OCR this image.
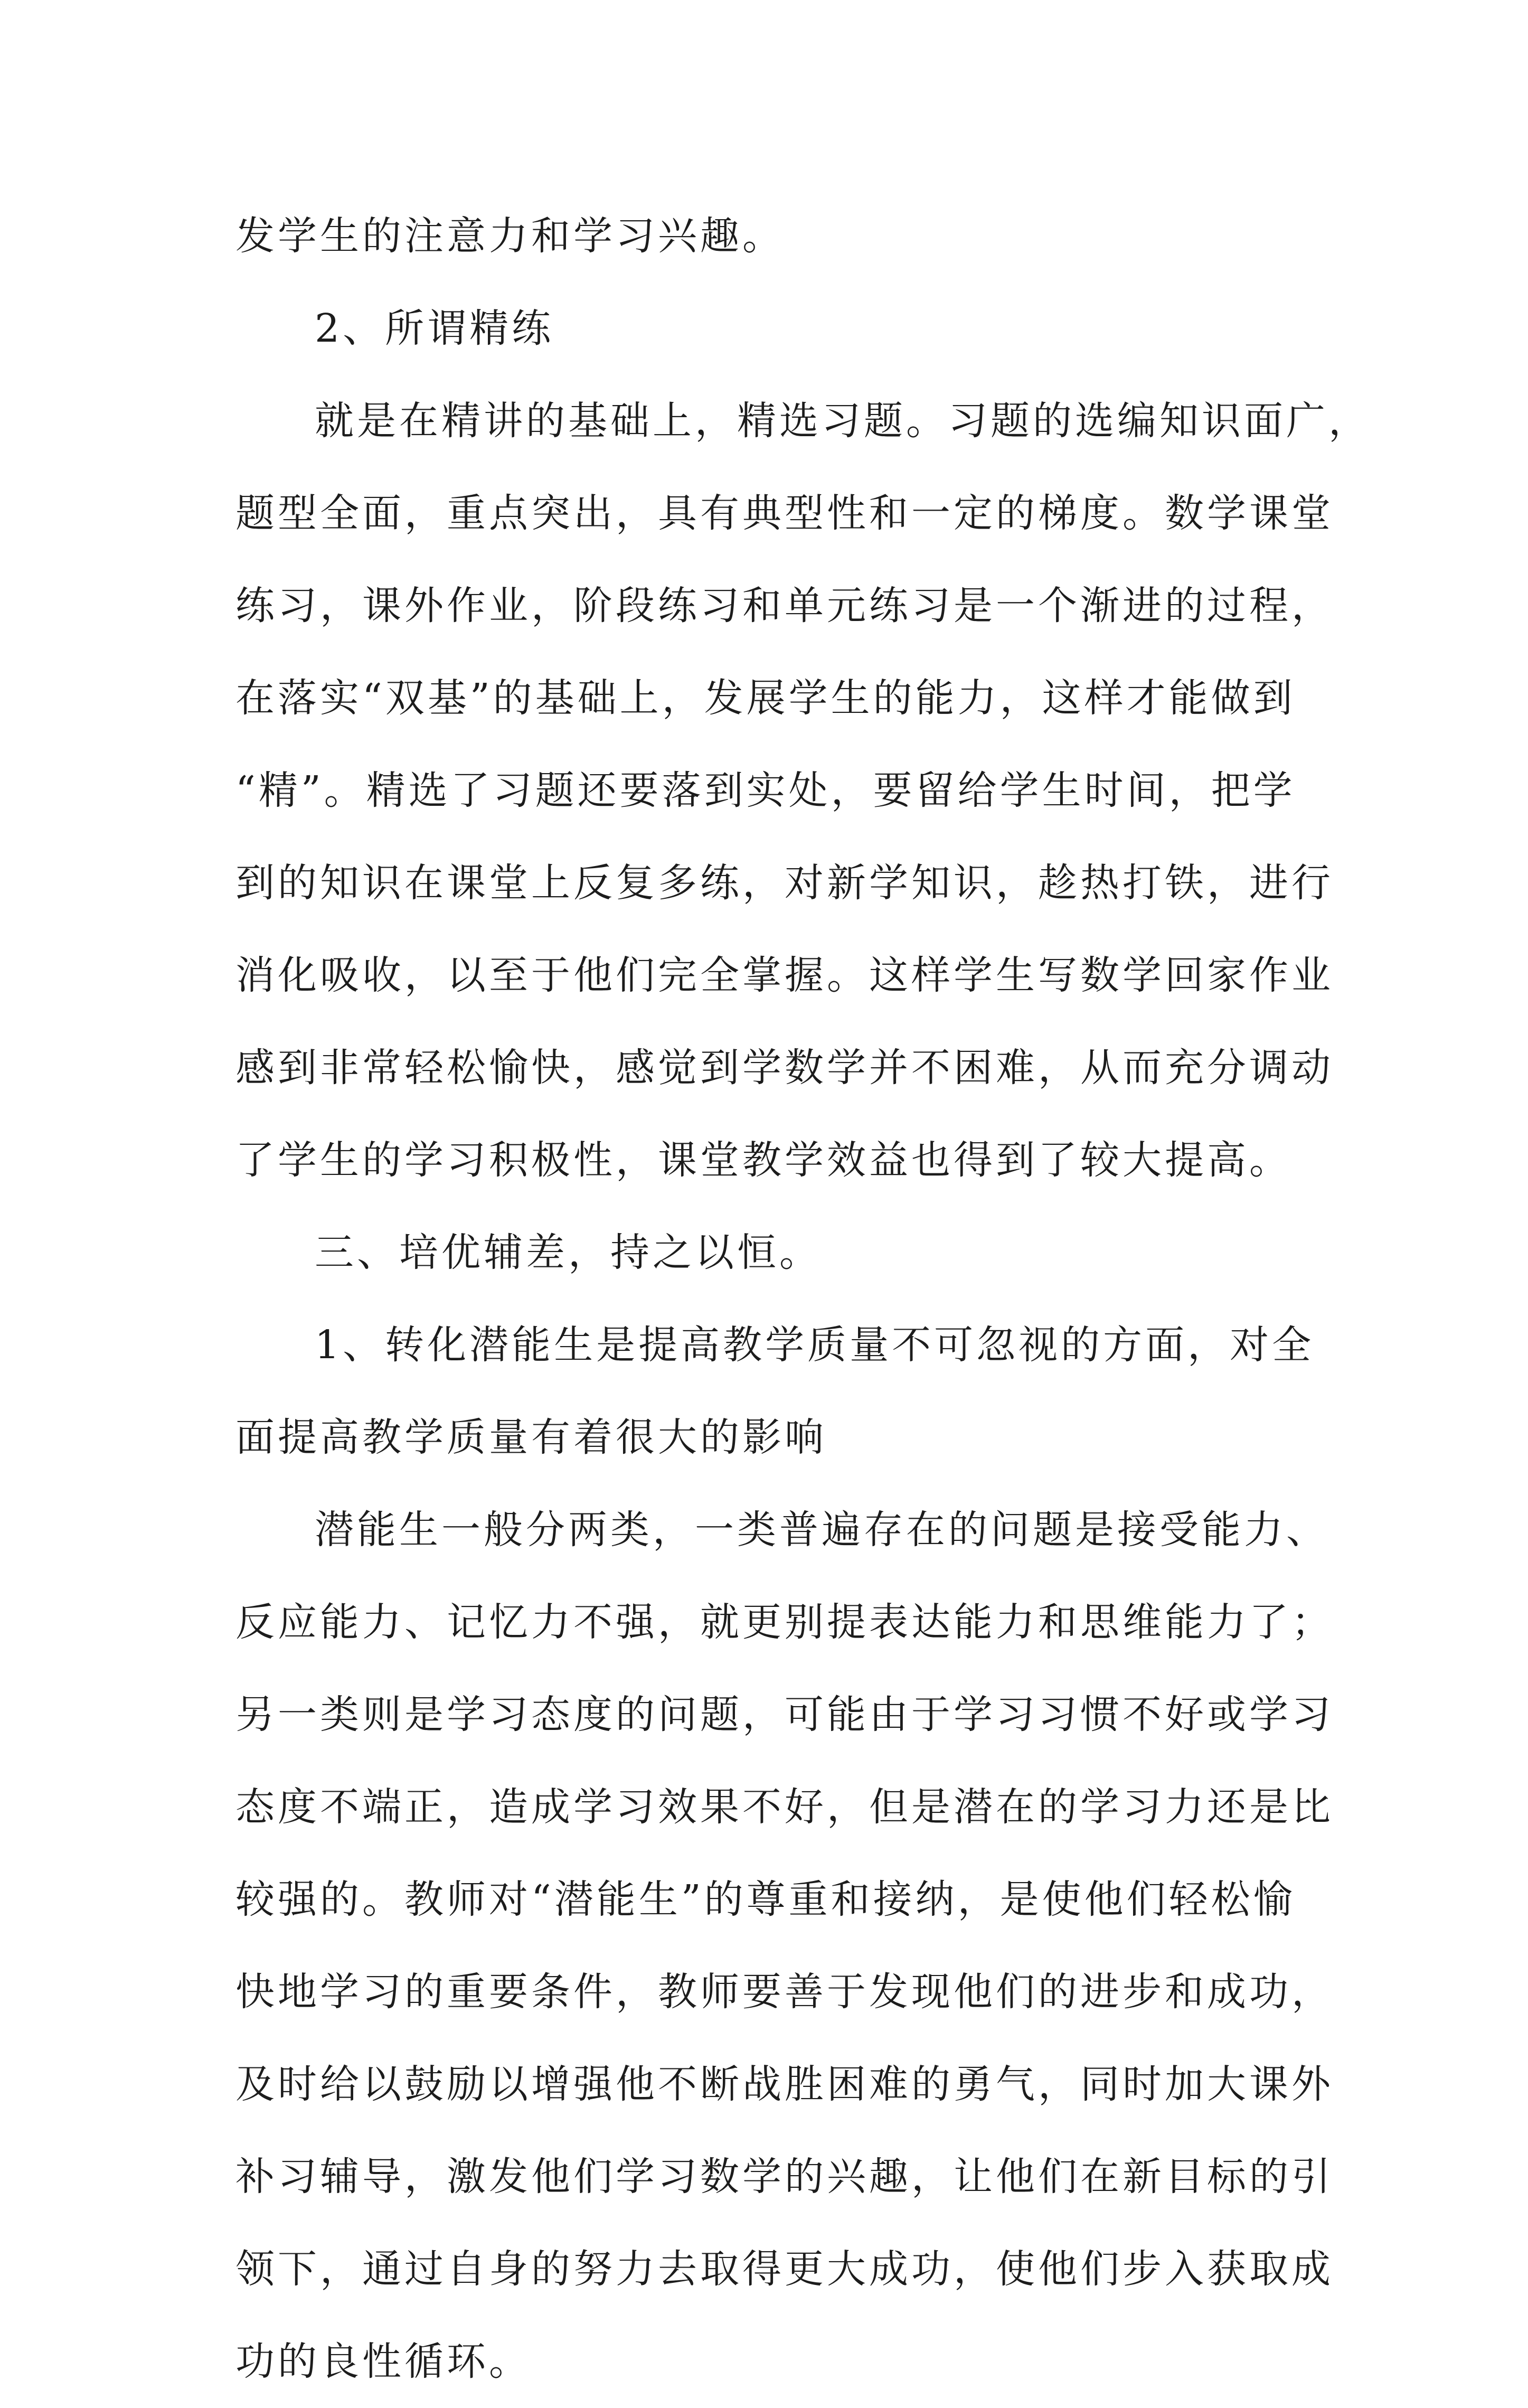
发学生的注意力和学习兴趣。
2、所谓精练
就是在精讲的基础上，精选习题。习题的选编知识面广，
题型全面，重点突出，具有典型性和一定的梯度。数学课堂
练习，课外作业，阶段练习和单元练习是一个渐进的过程，
在落实“双基”的基础上，发展学生的能力，这样才能做到
“精”。精选了习题还要落到实处，要留给学生时间，把学
到的知识在课堂上反复多练，对新学知识，趁热打铁，进行
消化吸收，以至于他们完全掌握。这样学生写数学回家作业
感到非常轻松愉快，感觉到学数学并不困难，从而充分调动
了学生的学习积极性，课堂教学效益也得到了较大提高。
三、培优辅差，持之以恒。
1、转化潜能生是提高教学质量不可忽视的方面，对全
面提高教学质量有着很大的影响
潜能生一般分两类，一类普遍存在的问题是接受能力、
反应能力、记忆力不强，就更别提表达能力和思维能力了；
另一类则是学习态度的问题，可能由于学习习惯不好或学习
态度不端正，造成学习效果不好，但是潜在的学习力还是比
较强的。教师对“潜能生”的尊重和接纳，是使他们轻松愉
快地学习的重要条件，教师要善于发现他们的进步和成功，
及时给以鼓励以增强他不断战胜困难的勇气，同时加大课外
补习辅导，激发他们学习数学的兴趣，让他们在新目标的引
领下，通过自身的努力去取得更大成功，使他们步入获取成
功的良性循环。
